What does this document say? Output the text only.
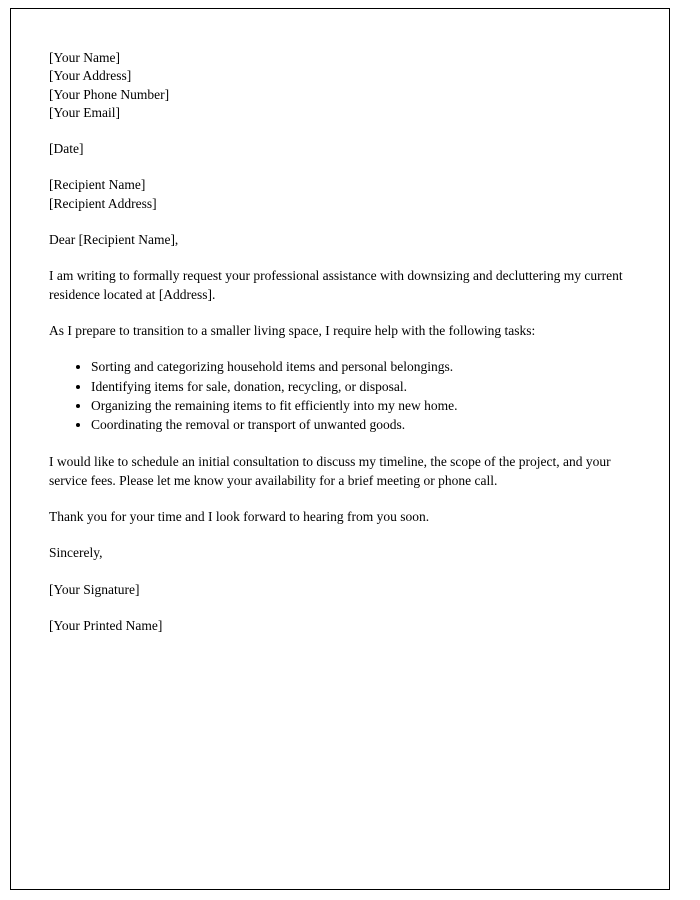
[Your Name]
[Your Address]
[Your Phone Number]
[Your Email]
[Date]
[Recipient Name]
[Recipient Address]

Dear [Recipient Name],

I am writing to formally request your professional assistance with downsizing and decluttering my current residence located at [Address].

As I prepare to transition to a smaller living space, I require help with the following tasks:

• Sorting and categorizing household items and personal belongings.
• Identifying items for sale, donation, recycling, or disposal.
• Organizing the remaining items to fit efficiently into my new home.
• Coordinating the removal or transport of unwanted goods.

I would like to schedule an initial consultation to discuss my timeline, the scope of the project, and your service fees. Please let me know your availability for a brief meeting or phone call.

Thank you for your time and I look forward to hearing from you soon.

Sincerely,

[Your Signature]

[Your Printed Name]
